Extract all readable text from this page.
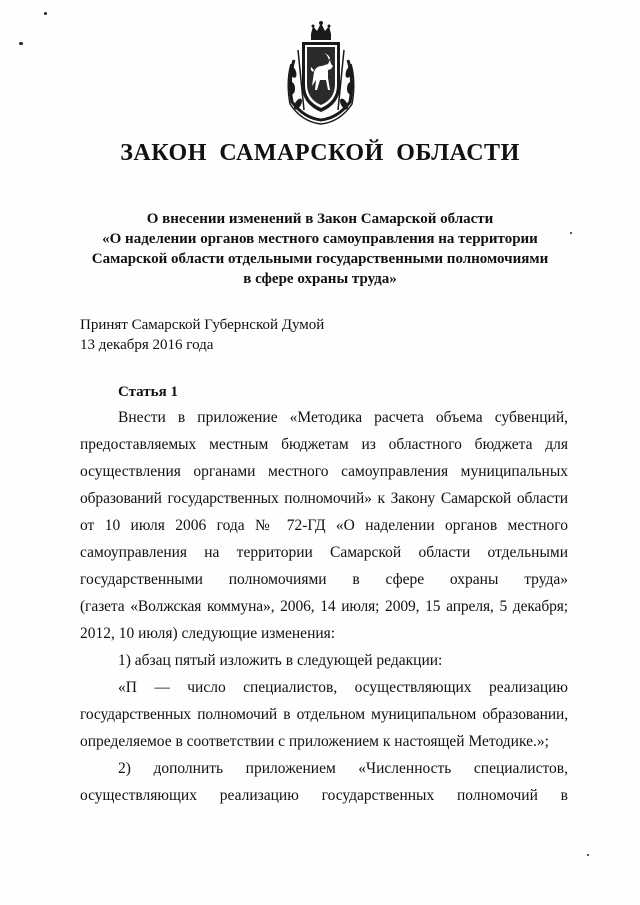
ЗАКОН САМАРСКОЙ ОБЛАСТИ
О внесении изменений в Закон Самарской области
«О наделении органов местного самоуправления на территории
Самарской области отдельными государственными полномочиями
в сфере охраны труда»
Принят Самарской Губернской Думой
13 декабря 2016 года
Статья 1
Внести в приложение «Методика расчета объема субвенций,
предоставляемых местным бюджетам из областного бюджета для
осуществления органами местного самоуправления муниципальных
образований государственных полномочий» к Закону Самарской области
от 10 июля 2006 года № 72-ГД «О наделении органов местного
самоуправления на территории Самарской области отдельными
государственными полномочиями в сфере охраны труда»
(газета «Волжская коммуна», 2006, 14 июля; 2009, 15 апреля, 5 декабря;
2012, 10 июля) следующие изменения:
1) абзац пятый изложить в следующей редакции:
«П — число специалистов, осуществляющих реализацию
государственных полномочий в отдельном муниципальном образовании,
определяемое в соответствии с приложением к настоящей Методике.»;
2) дополнить приложением «Численность специалистов,
осуществляющих реализацию государственных полномочий в
